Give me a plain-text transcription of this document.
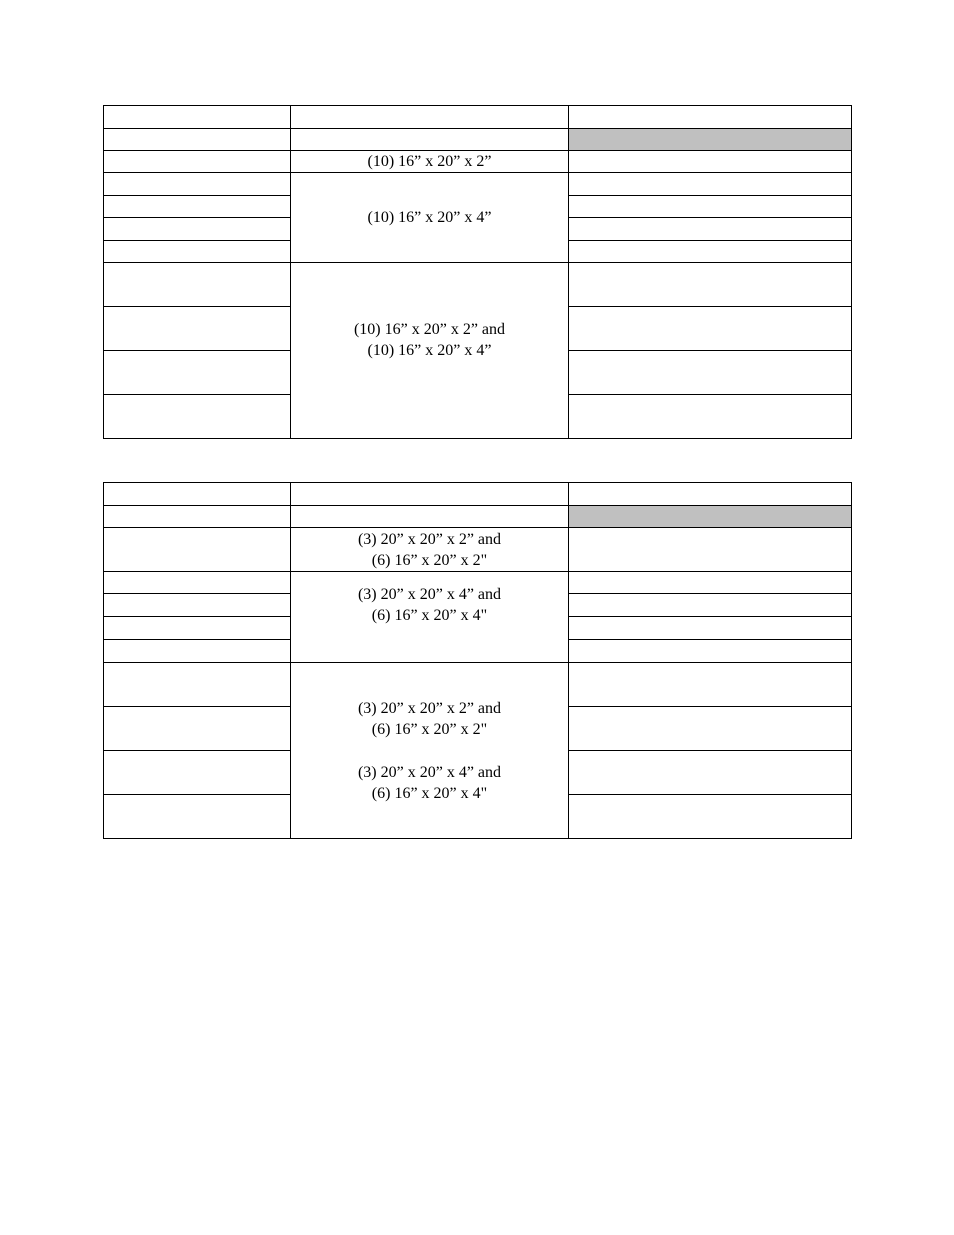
	(10) 16” x 20” x 2”	

	(10) 16” x 20” x 4”	

	(10) 16” x 20” x 2” and
(10) 16” x 20” x 4”	

	(3) 20” x 20” x 2” and
(6) 16” x 20” x 2"	

	(3) 20” x 20” x 4” and
(6) 16” x 20” x 4"	

	(3) 20” x 20” x 2” and
(6) 16” x 20” x 2"
(3) 20” x 20” x 4” and
(6) 16” x 20” x 4"	
